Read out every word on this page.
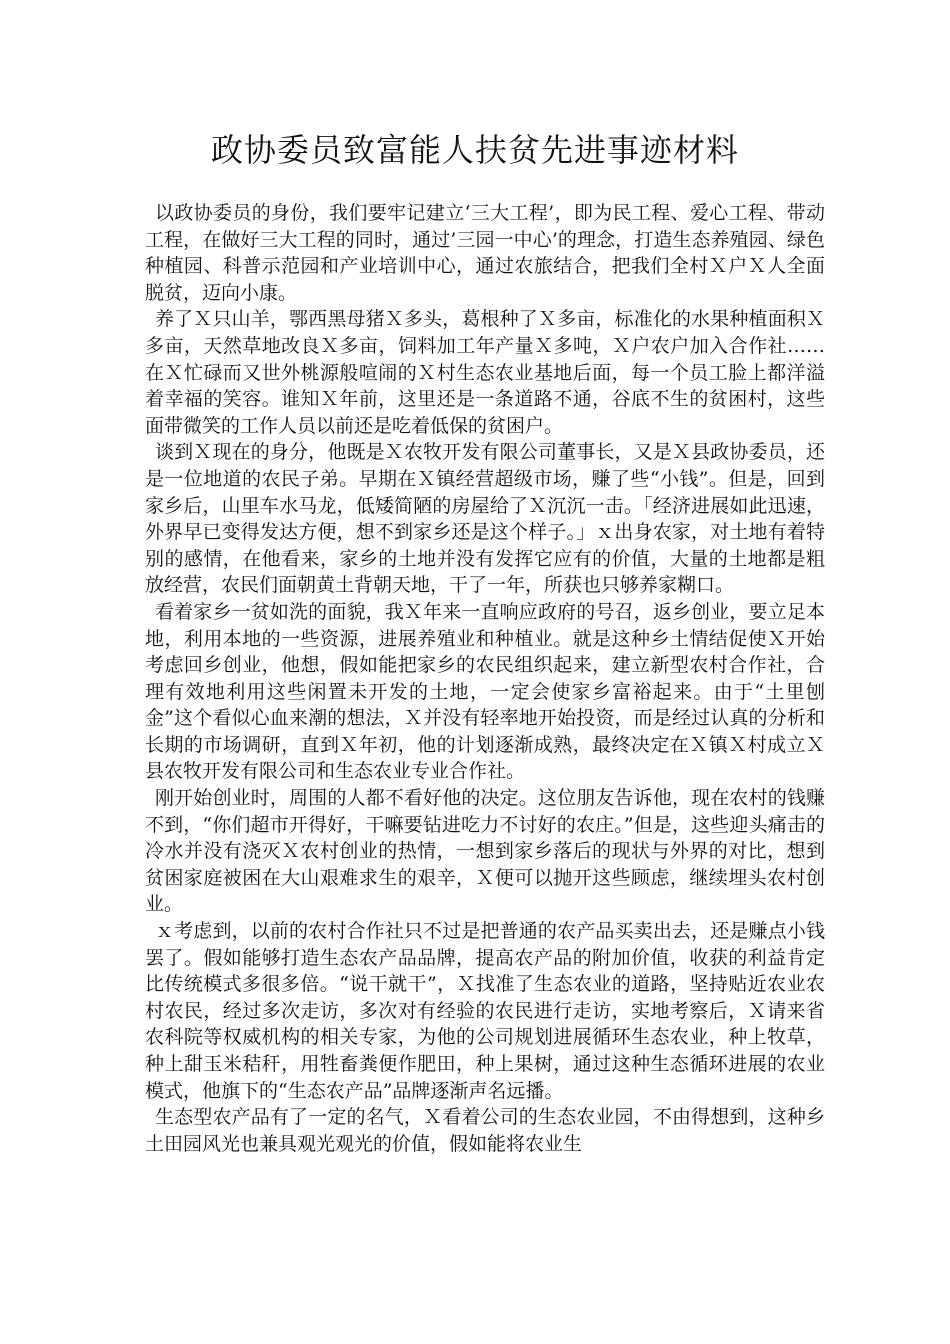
政协委员致富能人扶贫先进事迹材料

以政协委员的身份，我们要牢记建立‘三大工程’，即为民工程、爱心工程、带动工程，在做好三大工程的同时，通过’三园一中心’的理念，打造生态养殖园、绿色种植园、科普示范园和产业培训中心，通过农旅结合，把我们全村Ｘ户Ｘ人全面脱贫，迈向小康。

养了Ｘ只山羊，鄂西黑母猪Ｘ多头，葛根种了Ｘ多亩，标准化的水果种植面积Ｘ多亩，天然草地改良Ｘ多亩，饲料加工年产量Ｘ多吨，Ｘ户农户加入合作社……在Ｘ忙碌而又世外桃源般喧闹的Ｘ村生态农业基地后面，每一个员工脸上都洋溢着幸福的笑容。谁知Ｘ年前，这里还是一条道路不通，谷底不生的贫困村，这些面带微笑的工作人员以前还是吃着低保的贫困户。

谈到Ｘ现在的身分，他既是Ｘ农牧开发有限公司董事长，又是Ｘ县政协委员，还是一位地道的农民子弟。早期在Ｘ镇经营超级市场，赚了些“小钱”。但是，回到家乡后，山里车水马龙，低矮简陋的房屋给了Ｘ沉沉一击。「经济进展如此迅速，外界早已变得发达方便，想不到家乡还是这个样子。」ｘ出身农家，对土地有着特别的感情，在他看来，家乡的土地并没有发挥它应有的价值，大量的土地都是粗放经营，农民们面朝黄土背朝天地，干了一年，所获也只够养家糊口。

看着家乡一贫如洗的面貌，我Ｘ年来一直响应政府的号召，返乡创业，要立足本地，利用本地的一些资源，进展养殖业和种植业。就是这种乡土情结促使Ｘ开始考虑回乡创业，他想，假如能把家乡的农民组织起来，建立新型农村合作社，合理有效地利用这些闲置未开发的土地，一定会使家乡富裕起来。由于“土里刨金”这个看似心血来潮的想法，Ｘ并没有轻率地开始投资，而是经过认真的分析和长期的市场调研，直到Ｘ年初，他的计划逐渐成熟，最终决定在Ｘ镇Ｘ村成立Ｘ县农牧开发有限公司和生态农业专业合作社。

刚开始创业时，周围的人都不看好他的决定。这位朋友告诉他，现在农村的钱赚不到，“你们超市开得好，干嘛要钻进吃力不讨好的农庄。”但是，这些迎头痛击的冷水并没有浇灭Ｘ农村创业的热情，一想到家乡落后的现状与外界的对比，想到贫困家庭被困在大山艰难求生的艰辛，Ｘ便可以抛开这些顾虑，继续埋头农村创业。

ｘ考虑到，以前的农村合作社只不过是把普通的农产品买卖出去，还是赚点小钱罢了。假如能够打造生态农产品品牌，提高农产品的附加价值，收获的利益肯定比传统模式多很多倍。“说干就干”，Ｘ找准了生态农业的道路，坚持贴近农业农村农民，经过多次走访，多次对有经验的农民进行走访，实地考察后，Ｘ请来省农科院等权威机构的相关专家，为他的公司规划进展循环生态农业，种上牧草，种上甜玉米秸秆，用牲畜粪便作肥田，种上果树，通过这种生态循环进展的农业模式，他旗下的“生态农产品”品牌逐渐声名远播。

生态型农产品有了一定的名气，Ｘ看着公司的生态农业园，不由得想到，这种乡土田园风光也兼具观光观光的价值，假如能将农业生
